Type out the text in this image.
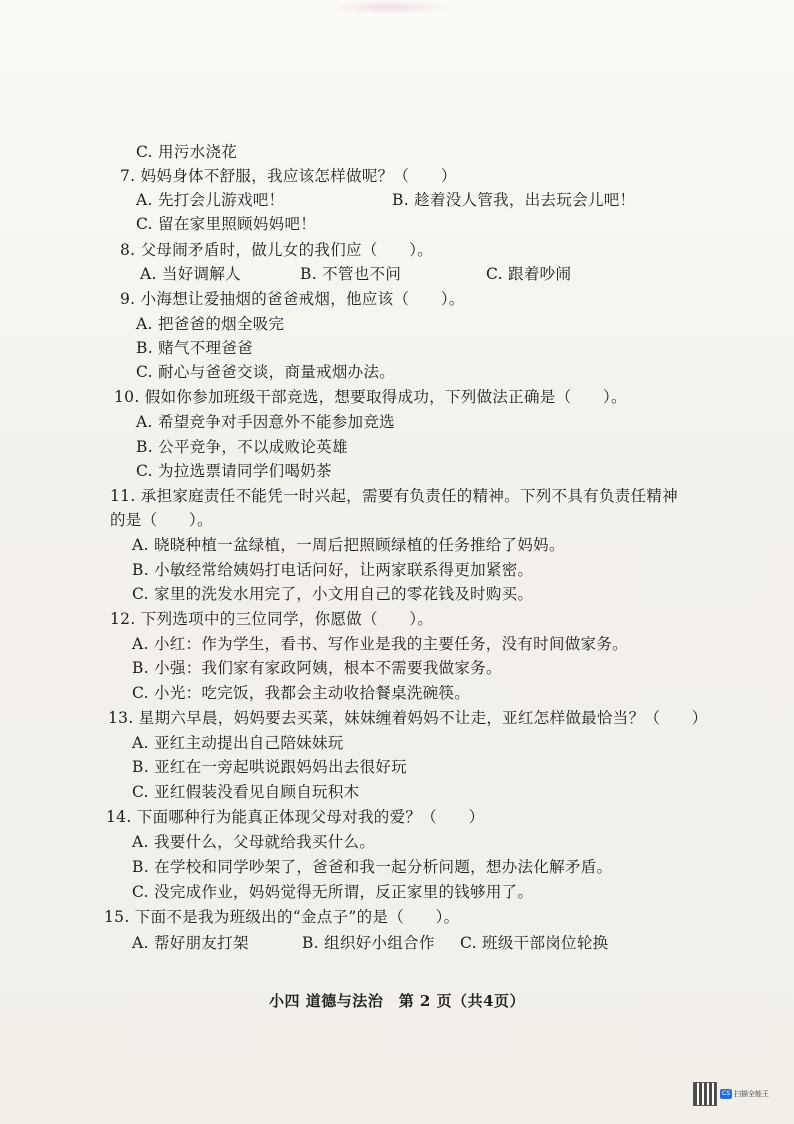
C. 用污水浇花
7. 妈妈身体不舒服，我应该怎样做呢？（　　）
A. 先打会儿游戏吧！	B. 趁着没人管我，出去玩会儿吧！
C. 留在家里照顾妈妈吧！
8. 父母闹矛盾时，做儿女的我们应（　　）。
A. 当好调解人	B. 不管也不问	C. 跟着吵闹
9. 小海想让爱抽烟的爸爸戒烟，他应该（　　）。
A. 把爸爸的烟全吸完
B. 赌气不理爸爸
C. 耐心与爸爸交谈，商量戒烟办法。
10. 假如你参加班级干部竞选，想要取得成功，下列做法正确是（　　）。
A. 希望竞争对手因意外不能参加竞选
B. 公平竞争，不以成败论英雄
C. 为拉选票请同学们喝奶茶
11. 承担家庭责任不能凭一时兴起，需要有负责任的精神。下列不具有负责任精神
的是（　　）。
A. 晓晓种植一盆绿植，一周后把照顾绿植的任务推给了妈妈。
B. 小敏经常给姨妈打电话问好，让两家联系得更加紧密。
C. 家里的洗发水用完了，小文用自己的零花钱及时购买。
12. 下列选项中的三位同学，你愿做（　　）。
A. 小红：作为学生，看书、写作业是我的主要任务，没有时间做家务。
B. 小强：我们家有家政阿姨，根本不需要我做家务。
C. 小光：吃完饭，我都会主动收拾餐桌洗碗筷。
13. 星期六早晨，妈妈要去买菜，妹妹缠着妈妈不让走，亚红怎样做最恰当？（　　）
A. 亚红主动提出自己陪妹妹玩
B. 亚红在一旁起哄说跟妈妈出去很好玩
C. 亚红假装没看见自顾自玩积木
14. 下面哪种行为能真正体现父母对我的爱？（　　）
A. 我要什么，父母就给我买什么。
B. 在学校和同学吵架了，爸爸和我一起分析问题，想办法化解矛盾。
C. 没完成作业，妈妈觉得无所谓，反正家里的钱够用了。
15. 下面不是我为班级出的“金点子”的是（　　）。
A. 帮好朋友打架	B. 组织好小组合作 C. 班级干部岗位轮换
小四 道德与法治　第 2 页（共4页）
CS 扫描全能王
